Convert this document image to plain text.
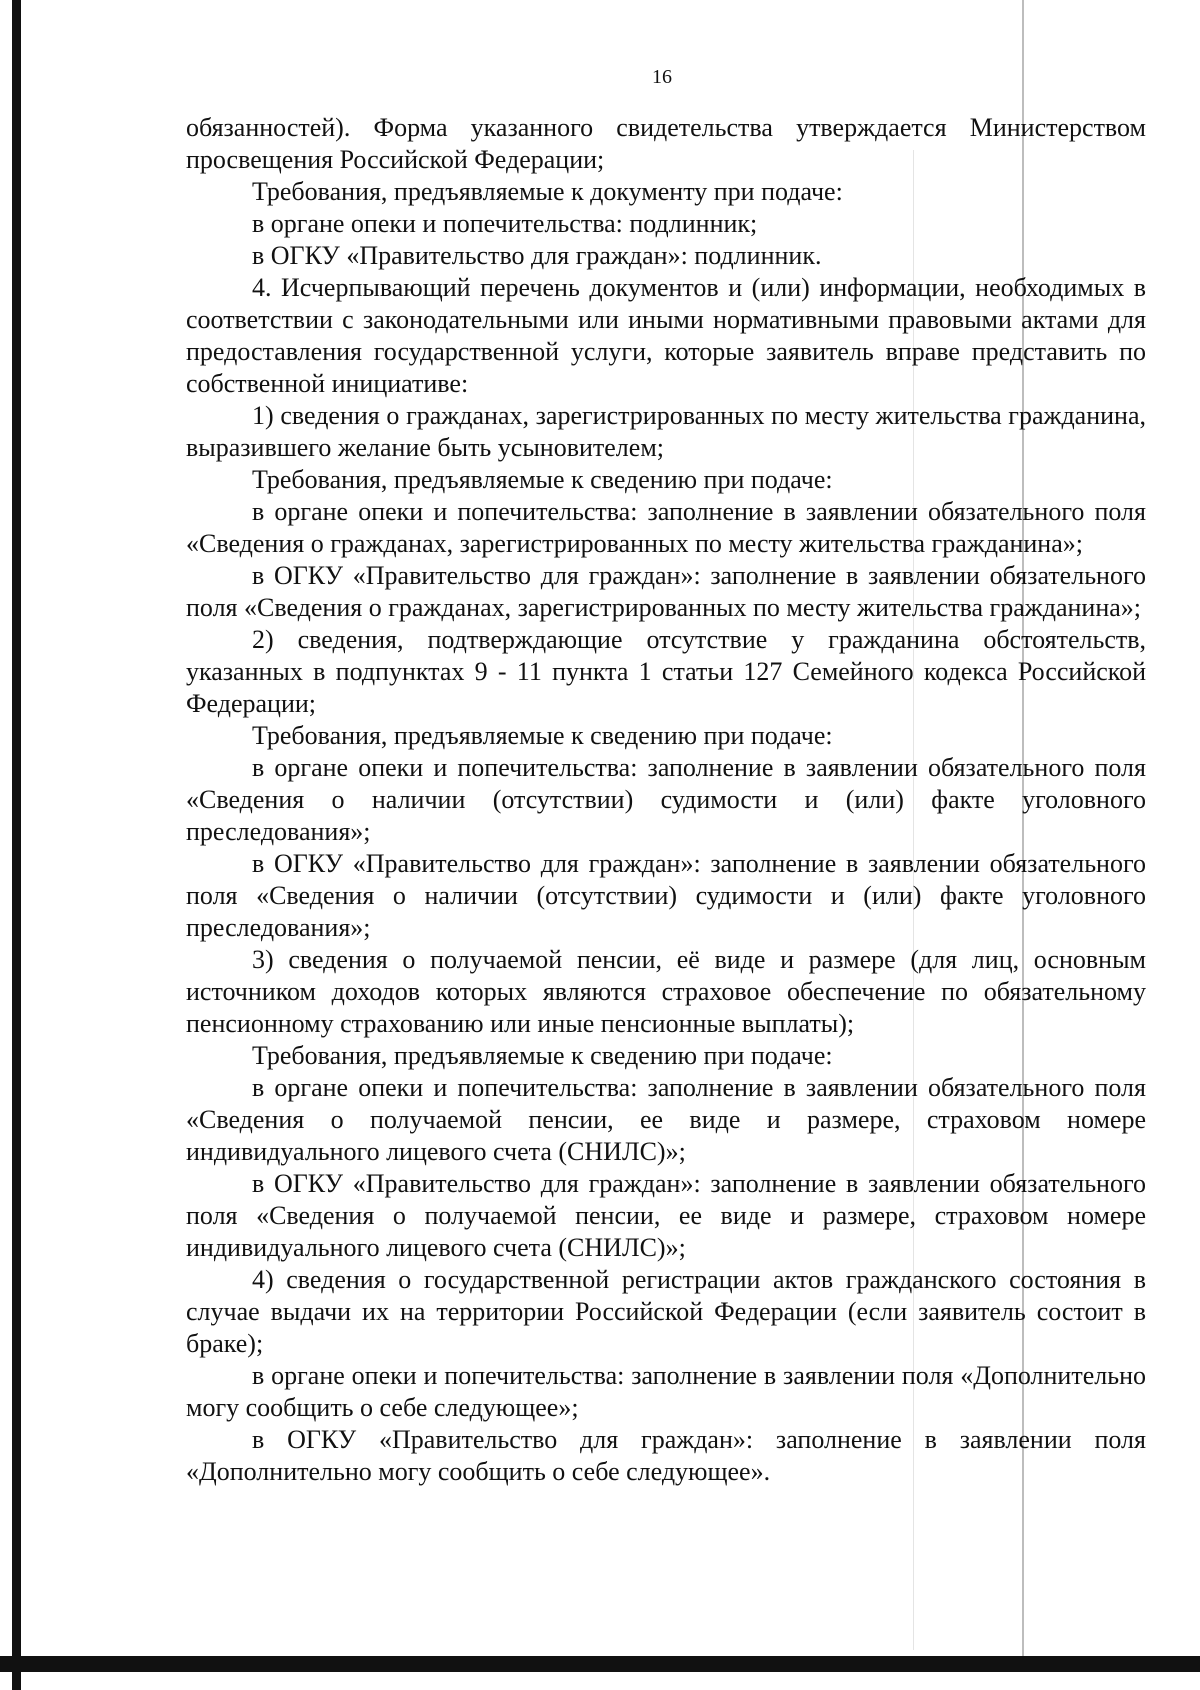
16

обязанностей). Форма указанного свидетельства утверждается Министерством просвещения Российской Федерации;

Требования, предъявляемые к документу при подаче:

в органе опеки и попечительства: подлинник;

в ОГКУ «Правительство для граждан»: подлинник.

4. Исчерпывающий перечень документов и (или) информации, необходимых в соответствии с законодательными или иными нормативными правовыми актами для предоставления государственной услуги, которые заявитель вправе представить по собственной инициативе:

1) сведения о гражданах, зарегистрированных по месту жительства гражданина, выразившего желание быть усыновителем;

Требования, предъявляемые к сведению при подаче:

в органе опеки и попечительства: заполнение в заявлении обязательного поля «Сведения о гражданах, зарегистрированных по месту жительства гражданина»;

в ОГКУ «Правительство для граждан»: заполнение в заявлении обязательного поля «Сведения о гражданах, зарегистрированных по месту жительства гражданина»;

2) сведения, подтверждающие отсутствие у гражданина обстоятельств, указанных в подпунктах 9 - 11 пункта 1 статьи 127 Семейного кодекса Российской Федерации;

Требования, предъявляемые к сведению при подаче:

в органе опеки и попечительства: заполнение в заявлении обязательного поля «Сведения о наличии (отсутствии) судимости и (или) факте уголовного преследования»;

в ОГКУ «Правительство для граждан»: заполнение в заявлении обязательного поля «Сведения о наличии (отсутствии) судимости и (или) факте уголовного преследования»;

3) сведения о получаемой пенсии, её виде и размере (для лиц, основным источником доходов которых являются страховое обеспечение по обязательному пенсионному страхованию или иные пенсионные выплаты);

Требования, предъявляемые к сведению при подаче:

в органе опеки и попечительства: заполнение в заявлении обязательного поля «Сведения о получаемой пенсии, ее виде и размере, страховом номере индивидуального лицевого счета (СНИЛС)»;

в ОГКУ «Правительство для граждан»: заполнение в заявлении обязательного поля «Сведения о получаемой пенсии, ее виде и размере, страховом номере индивидуального лицевого счета (СНИЛС)»;

4) сведения о государственной регистрации актов гражданского состояния в случае выдачи их на территории Российской Федерации (если заявитель состоит в браке);

в органе опеки и попечительства: заполнение в заявлении поля «Дополнительно могу сообщить о себе следующее»;

в ОГКУ «Правительство для граждан»: заполнение в заявлении поля «Дополнительно могу сообщить о себе следующее».
